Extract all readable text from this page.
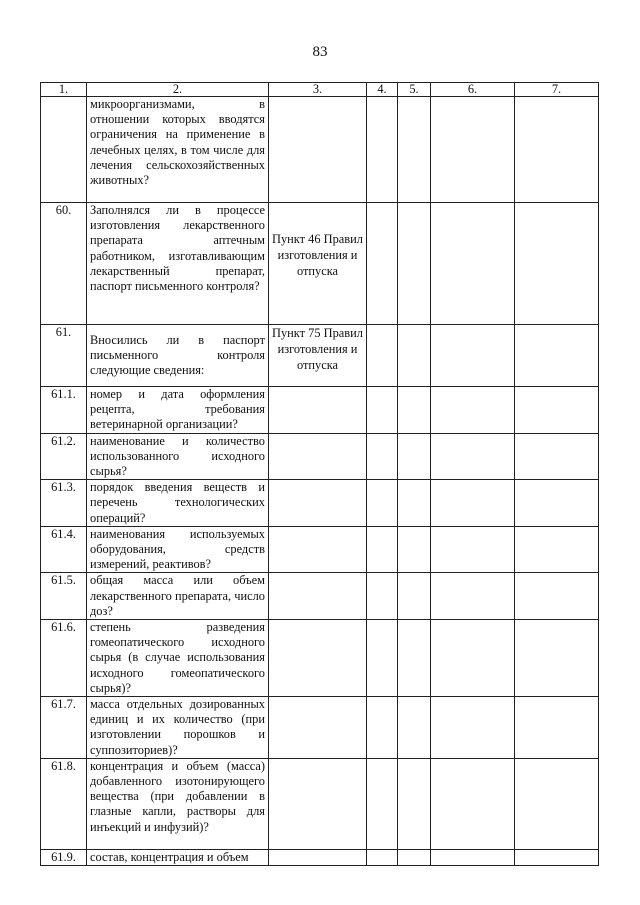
83
1.	2.	3.	4.	5.	6.	7.
	микроорганизмами, в отношении которых вводятся ограничения на применение в лечебных целях, в том числе для лечения сельскохозяйственных животных?					
60.	Заполнялся ли в процессе изготовления лекарственного препарата аптечным работником, изготавливающим лекарственный препарат, паспорт письменного контроля?	Пункт 46 Правил изготовления и отпуска				
61.	Вносились ли в паспорт письменного контроля следующие сведения:	Пункт 75 Правил изготовления и отпуска				
61.1.	номер и дата оформления рецепта, требования ветеринарной организации?					
61.2.	наименование и количество использованного исходного сырья?					
61.3.	порядок введения веществ и перечень технологических операций?					
61.4.	наименования используемых оборудования, средств измерений, реактивов?					
61.5.	общая масса или объем лекарственного препарата, число доз?					
61.6.	степень разведения гомеопатического исходного сырья (в случае использования исходного гомеопатического сырья)?					
61.7.	масса отдельных дозированных единиц и их количество (при изготовлении порошков и суппозиториев)?					
61.8.	концентрация и объем (масса) добавленного изотонирующего вещества (при добавлении в глазные капли, растворы для инъекций и инфузий)?					
61.9.	состав, концентрация и объем					
